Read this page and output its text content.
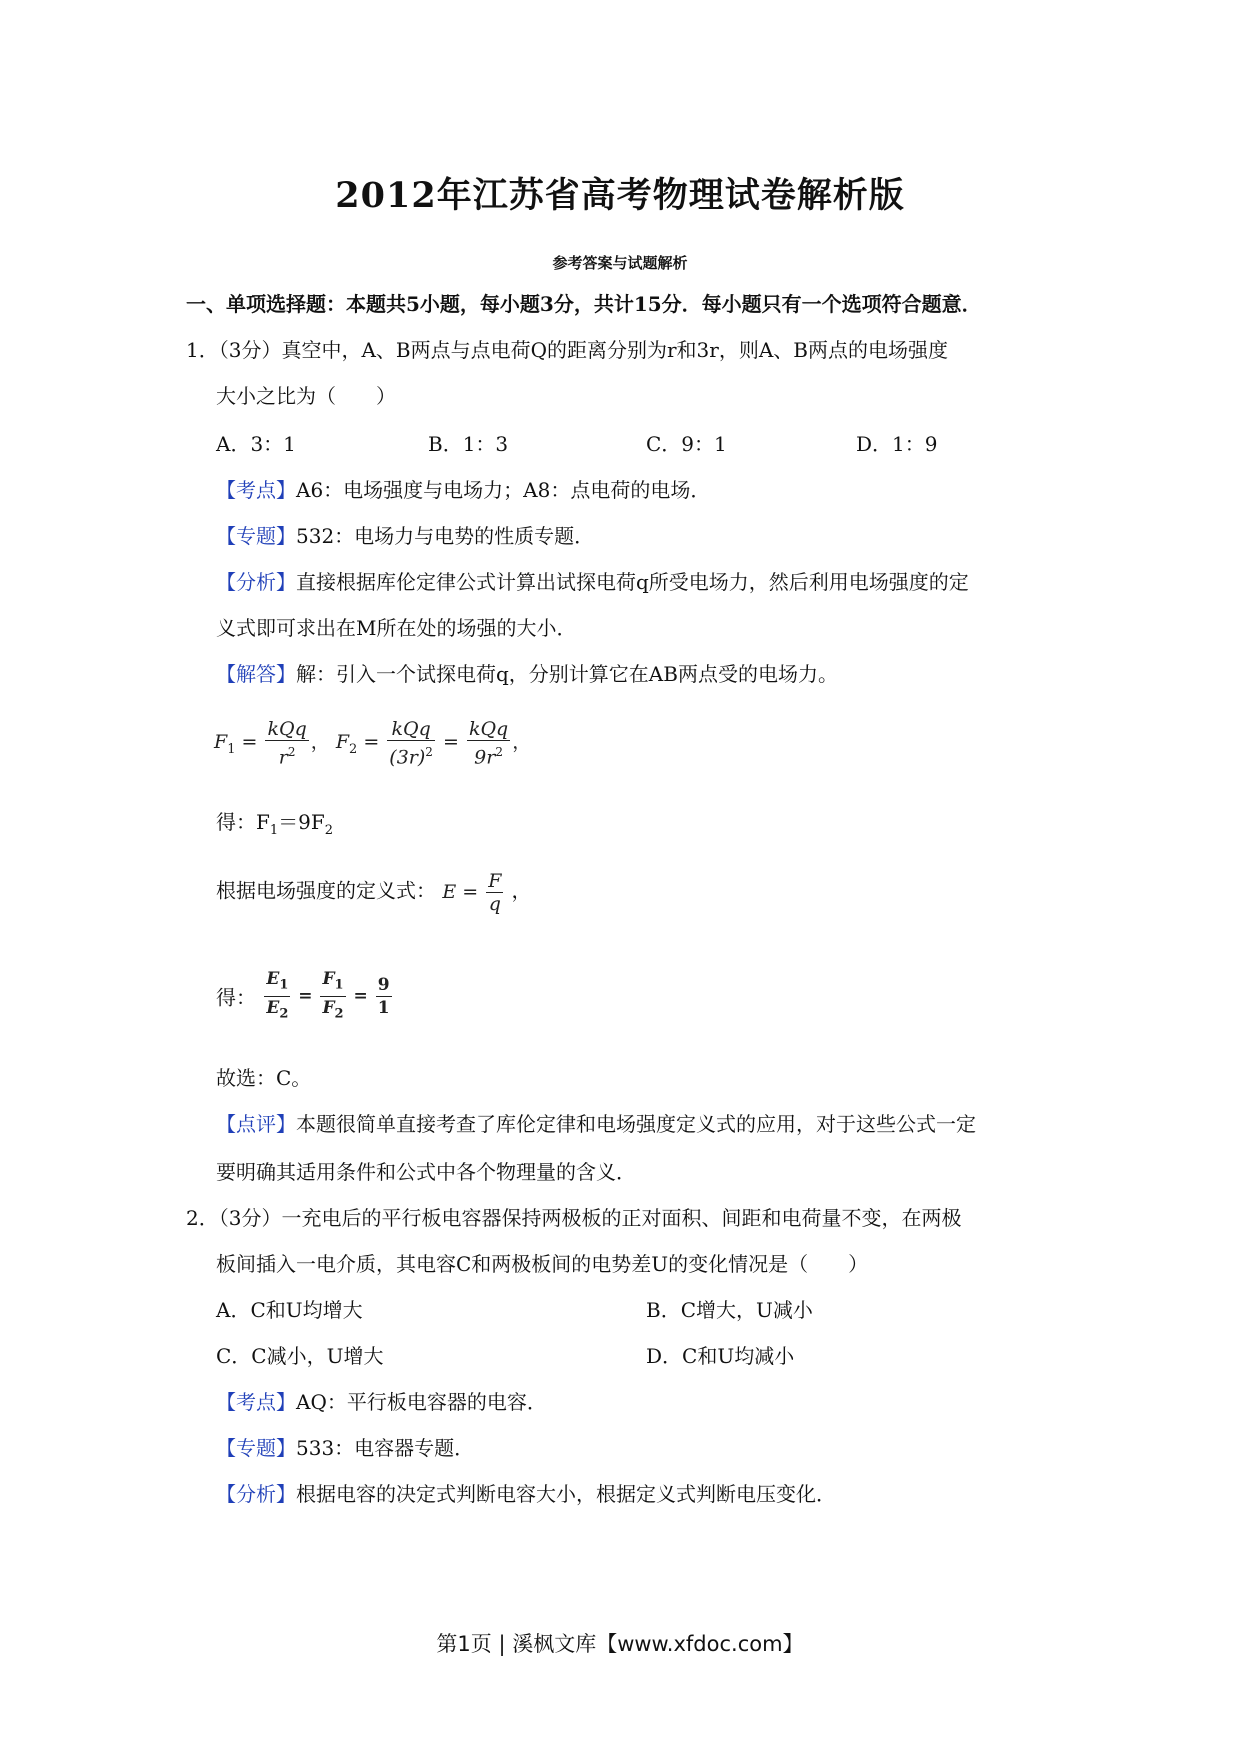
2012年江苏省高考物理试卷解析版
参考答案与试题解析
一、单项选择题：本题共5小题，每小题3分，共计15分．每小题只有一个选项符合题意．
1．（3分）真空中，A、B两点与点电荷Q的距离分别为r和3r，则A、B两点的电场强度
大小之比为（　　）
A．3：1	B．1：3	C．9：1	D．1：9
【考点】A6：电场强度与电场力；A8：点电荷的电场．
【专题】532：电场力与电势的性质专题．
【分析】直接根据库伦定律公式计算出试探电荷q所受电场力，然后利用电场强度的定
义式即可求出在M所在处的场强的大小．
【解答】解：引入一个试探电荷q，分别计算它在AB两点受的电场力。
$F_1 = \frac{\text{kQq}}{r^2}$ ， $F_2 = \frac{\text{kQq}}{(3r)^2} = \frac{\text{kQq}}{9r^2}$ ，
得：$F_1=9F_2$
根据电场强度的定义式： $E = \frac{F}{q}$ ，
得： $\frac{E_1}{E_2} = \frac{F_1}{F_2} = \frac{9}{1}$
故选：C。
【点评】本题很简单直接考查了库伦定律和电场强度定义式的应用，对于这些公式一定
要明确其适用条件和公式中各个物理量的含义．
2．（3分）一充电后的平行板电容器保持两极板的正对面积、间距和电荷量不变，在两极
板间插入一电介质，其电容C和两极板间的电势差U的变化情况是（　　）
A．C和U均增大	B．C增大，U减小
C．C减小，U增大	D．C和U均减小
【考点】AQ：平行板电容器的电容．
【专题】533：电容器专题．
【分析】根据电容的决定式判断电容大小，根据定义式判断电压变化．
第1页 | 溪枫文库【www.xfdoc.com】
